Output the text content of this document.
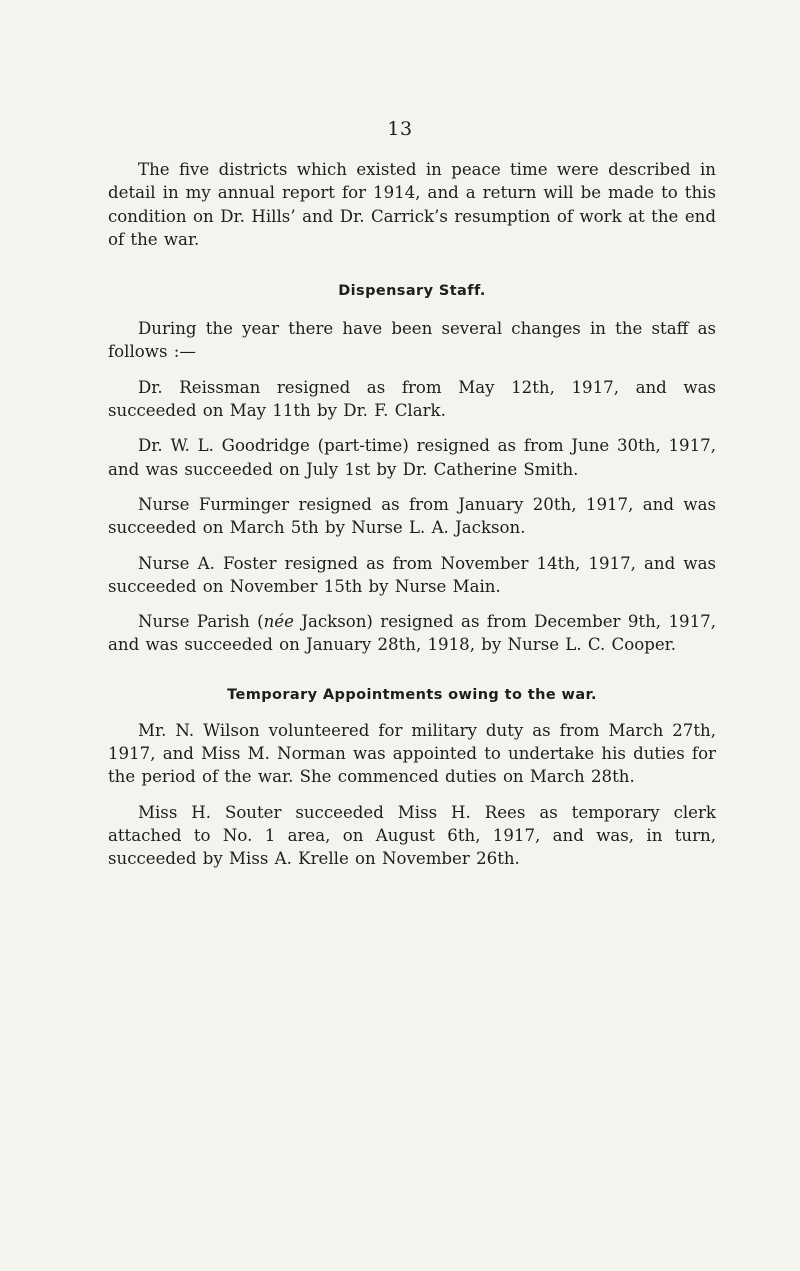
13

The five districts which existed in peace time were described in detail in my annual report for 1914, and a return will be made to this condition on Dr. Hills’ and Dr. Carrick’s resumption of work at the end of the war.

Dispensary Staff.

During the year there have been several changes in the staff as follows :—

Dr. Reissman resigned as from May 12th, 1917, and was succeeded on May 11th by Dr. F. Clark.

Dr. W. L. Goodridge (part-time) resigned as from June 30th, 1917, and was succeeded on July 1st by Dr. Catherine Smith.

Nurse Furminger resigned as from January 20th, 1917, and was succeeded on March 5th by Nurse L. A. Jackson.

Nurse A. Foster resigned as from November 14th, 1917, and was succeeded on November 15th by Nurse Main.

Nurse Parish (née Jackson) resigned as from December 9th, 1917, and was succeeded on January 28th, 1918, by Nurse L. C. Cooper.

Temporary Appointments owing to the war.

Mr. N. Wilson volunteered for military duty as from March 27th, 1917, and Miss M. Norman was appointed to undertake his duties for the period of the war. She commenced duties on March 28th.

Miss H. Souter succeeded Miss H. Rees as temporary clerk attached to No. 1 area, on August 6th, 1917, and was, in turn, succeeded by Miss A. Krelle on November 26th.
